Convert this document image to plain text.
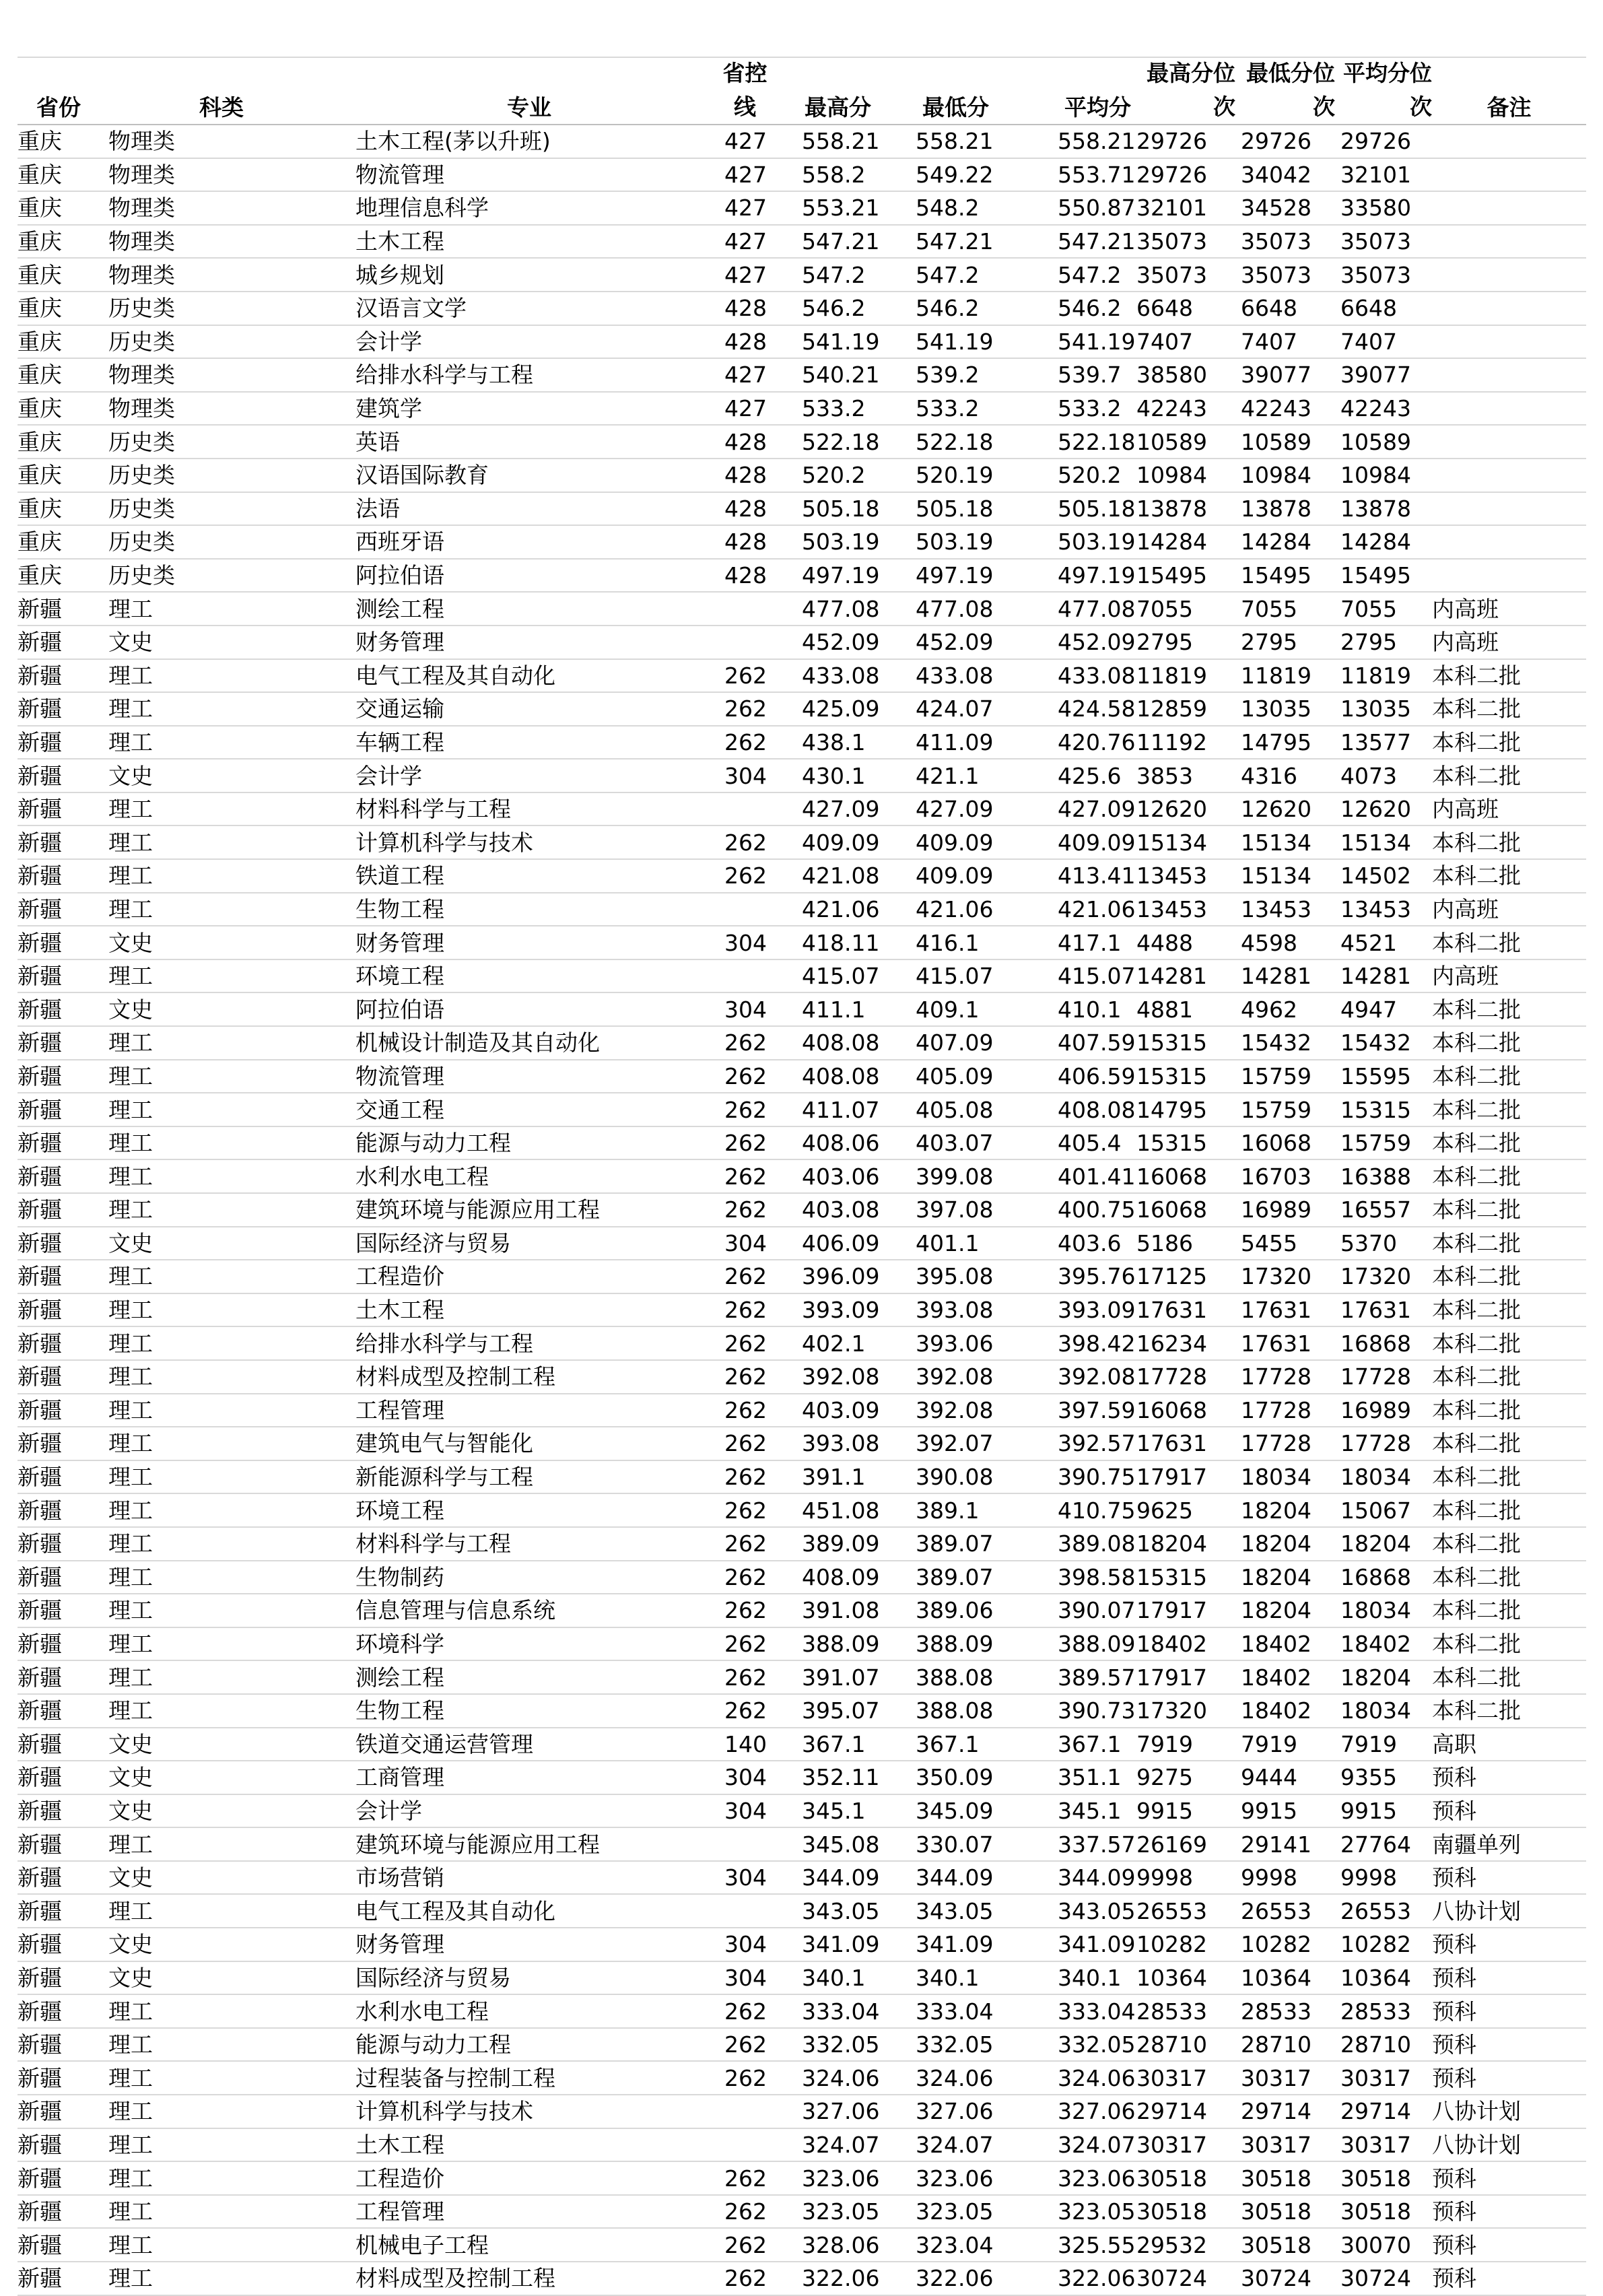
省份	科类	专业	省控线	最高分	最低分	平均分	最高分位次	最低分位次	平均分位次	备注
重庆	物理类	土木工程(茅以升班)	427	558.21	558.21	558.21	29726	29726	29726	
重庆	物理类	物流管理	427	558.2	549.22	553.71	29726	34042	32101	
重庆	物理类	地理信息科学	427	553.21	548.2	550.87	32101	34528	33580	
重庆	物理类	土木工程	427	547.21	547.21	547.21	35073	35073	35073	
重庆	物理类	城乡规划	427	547.2	547.2	547.2	35073	35073	35073	
重庆	历史类	汉语言文学	428	546.2	546.2	546.2	6648	6648	6648	
重庆	历史类	会计学	428	541.19	541.19	541.19	7407	7407	7407	
重庆	物理类	给排水科学与工程	427	540.21	539.2	539.7	38580	39077	39077	
重庆	物理类	建筑学	427	533.2	533.2	533.2	42243	42243	42243	
重庆	历史类	英语	428	522.18	522.18	522.18	10589	10589	10589	
重庆	历史类	汉语国际教育	428	520.2	520.19	520.2	10984	10984	10984	
重庆	历史类	法语	428	505.18	505.18	505.18	13878	13878	13878	
重庆	历史类	西班牙语	428	503.19	503.19	503.19	14284	14284	14284	
重庆	历史类	阿拉伯语	428	497.19	497.19	497.19	15495	15495	15495	
新疆	理工	测绘工程		477.08	477.08	477.08	7055	7055	7055	内高班
新疆	文史	财务管理		452.09	452.09	452.09	2795	2795	2795	内高班
新疆	理工	电气工程及其自动化	262	433.08	433.08	433.08	11819	11819	11819	本科二批
新疆	理工	交通运输	262	425.09	424.07	424.58	12859	13035	13035	本科二批
新疆	理工	车辆工程	262	438.1	411.09	420.76	11192	14795	13577	本科二批
新疆	文史	会计学	304	430.1	421.1	425.6	3853	4316	4073	本科二批
新疆	理工	材料科学与工程		427.09	427.09	427.09	12620	12620	12620	内高班
新疆	理工	计算机科学与技术	262	409.09	409.09	409.09	15134	15134	15134	本科二批
新疆	理工	铁道工程	262	421.08	409.09	413.41	13453	15134	14502	本科二批
新疆	理工	生物工程		421.06	421.06	421.06	13453	13453	13453	内高班
新疆	文史	财务管理	304	418.11	416.1	417.1	4488	4598	4521	本科二批
新疆	理工	环境工程		415.07	415.07	415.07	14281	14281	14281	内高班
新疆	文史	阿拉伯语	304	411.1	409.1	410.1	4881	4962	4947	本科二批
新疆	理工	机械设计制造及其自动化	262	408.08	407.09	407.59	15315	15432	15432	本科二批
新疆	理工	物流管理	262	408.08	405.09	406.59	15315	15759	15595	本科二批
新疆	理工	交通工程	262	411.07	405.08	408.08	14795	15759	15315	本科二批
新疆	理工	能源与动力工程	262	408.06	403.07	405.4	15315	16068	15759	本科二批
新疆	理工	水利水电工程	262	403.06	399.08	401.41	16068	16703	16388	本科二批
新疆	理工	建筑环境与能源应用工程	262	403.08	397.08	400.75	16068	16989	16557	本科二批
新疆	文史	国际经济与贸易	304	406.09	401.1	403.6	5186	5455	5370	本科二批
新疆	理工	工程造价	262	396.09	395.08	395.76	17125	17320	17320	本科二批
新疆	理工	土木工程	262	393.09	393.08	393.09	17631	17631	17631	本科二批
新疆	理工	给排水科学与工程	262	402.1	393.06	398.42	16234	17631	16868	本科二批
新疆	理工	材料成型及控制工程	262	392.08	392.08	392.08	17728	17728	17728	本科二批
新疆	理工	工程管理	262	403.09	392.08	397.59	16068	17728	16989	本科二批
新疆	理工	建筑电气与智能化	262	393.08	392.07	392.57	17631	17728	17728	本科二批
新疆	理工	新能源科学与工程	262	391.1	390.08	390.75	17917	18034	18034	本科二批
新疆	理工	环境工程	262	451.08	389.1	410.75	9625	18204	15067	本科二批
新疆	理工	材料科学与工程	262	389.09	389.07	389.08	18204	18204	18204	本科二批
新疆	理工	生物制药	262	408.09	389.07	398.58	15315	18204	16868	本科二批
新疆	理工	信息管理与信息系统	262	391.08	389.06	390.07	17917	18204	18034	本科二批
新疆	理工	环境科学	262	388.09	388.09	388.09	18402	18402	18402	本科二批
新疆	理工	测绘工程	262	391.07	388.08	389.57	17917	18402	18204	本科二批
新疆	理工	生物工程	262	395.07	388.08	390.73	17320	18402	18034	本科二批
新疆	文史	铁道交通运营管理	140	367.1	367.1	367.1	7919	7919	7919	高职
新疆	文史	工商管理	304	352.11	350.09	351.1	9275	9444	9355	预科
新疆	文史	会计学	304	345.1	345.09	345.1	9915	9915	9915	预科
新疆	理工	建筑环境与能源应用工程		345.08	330.07	337.57	26169	29141	27764	南疆单列
新疆	文史	市场营销	304	344.09	344.09	344.09	9998	9998	9998	预科
新疆	理工	电气工程及其自动化		343.05	343.05	343.05	26553	26553	26553	八协计划
新疆	文史	财务管理	304	341.09	341.09	341.09	10282	10282	10282	预科
新疆	文史	国际经济与贸易	304	340.1	340.1	340.1	10364	10364	10364	预科
新疆	理工	水利水电工程	262	333.04	333.04	333.04	28533	28533	28533	预科
新疆	理工	能源与动力工程	262	332.05	332.05	332.05	28710	28710	28710	预科
新疆	理工	过程装备与控制工程	262	324.06	324.06	324.06	30317	30317	30317	预科
新疆	理工	计算机科学与技术		327.06	327.06	327.06	29714	29714	29714	八协计划
新疆	理工	土木工程		324.07	324.07	324.07	30317	30317	30317	八协计划
新疆	理工	工程造价	262	323.06	323.06	323.06	30518	30518	30518	预科
新疆	理工	工程管理	262	323.05	323.05	323.05	30518	30518	30518	预科
新疆	理工	机械电子工程	262	328.06	323.04	325.55	29532	30518	30070	预科
新疆	理工	材料成型及控制工程	262	322.06	322.06	322.06	30724	30724	30724	预科
